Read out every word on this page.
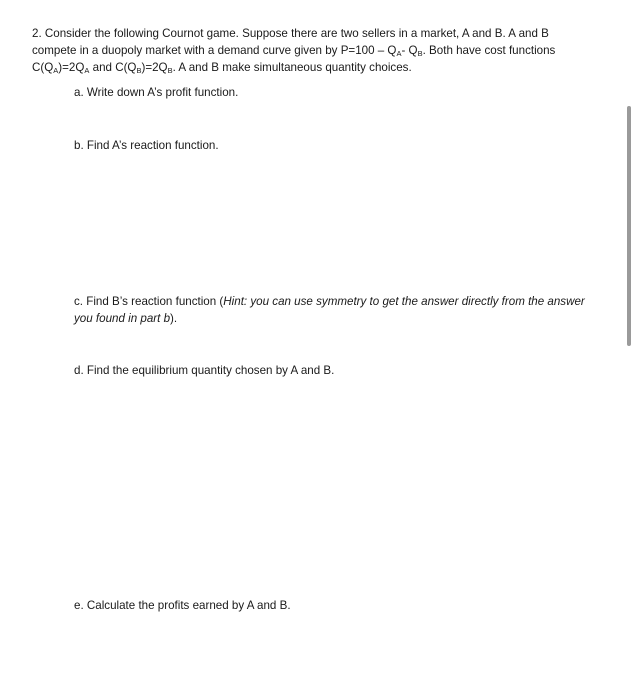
2. Consider the following Cournot game. Suppose there are two sellers in a market, A and B. A and B
compete in a duopoly market with a demand curve given by $P=100 - Q_A-$ $Q_B$. Both have cost functions
$C(Q_A)=2Q_A$ and $C(Q_B)=2Q_B$. A and B make simultaneous quantity choices.
a. Write down A’s profit function.
b. Find A’s reaction function.
c. Find B’s reaction function (Hint: you can use symmetry to get the answer directly from the answer
you found in part b).
d. Find the equilibrium quantity chosen by A and B.
e. Calculate the profits earned by A and B.
